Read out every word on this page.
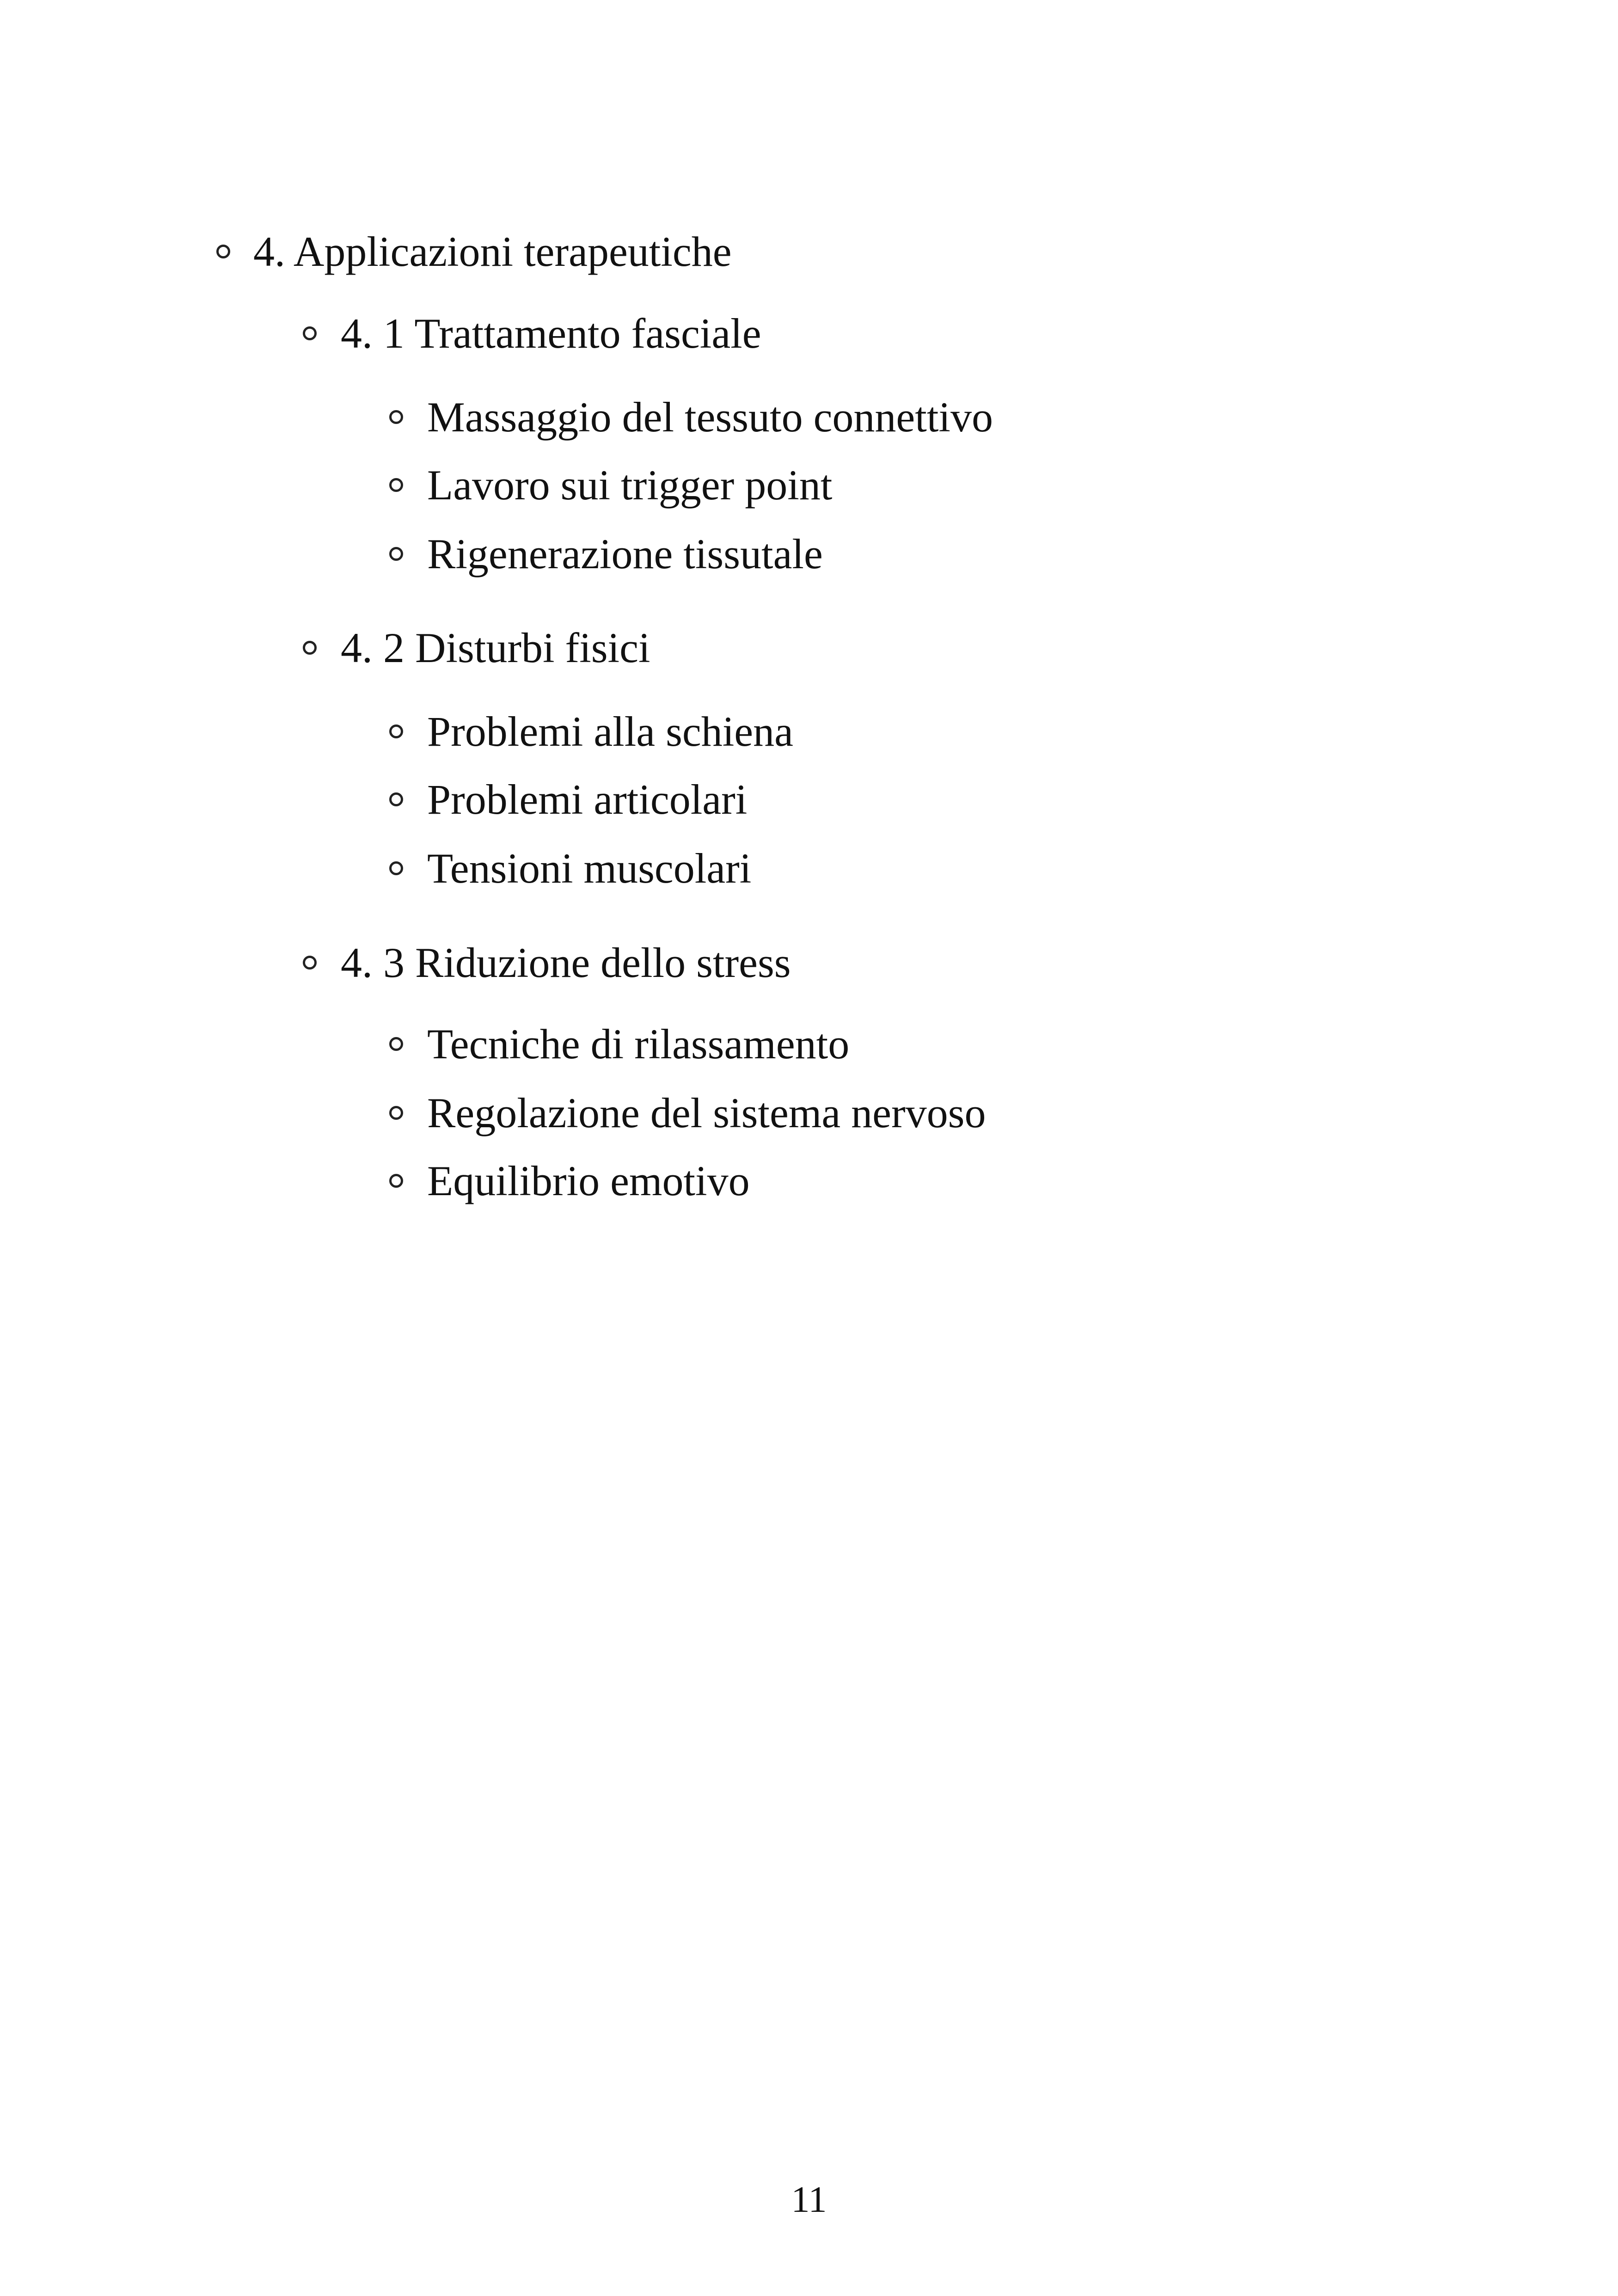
4. Applicazioni terapeutiche
4. 1 Trattamento fasciale
Massaggio del tessuto connettivo
Lavoro sui trigger point
Rigenerazione tissutale
4. 2 Disturbi fisici
Problemi alla schiena
Problemi articolari
Tensioni muscolari
4. 3 Riduzione dello stress
Tecniche di rilassamento
Regolazione del sistema nervoso
Equilibrio emotivo
11
